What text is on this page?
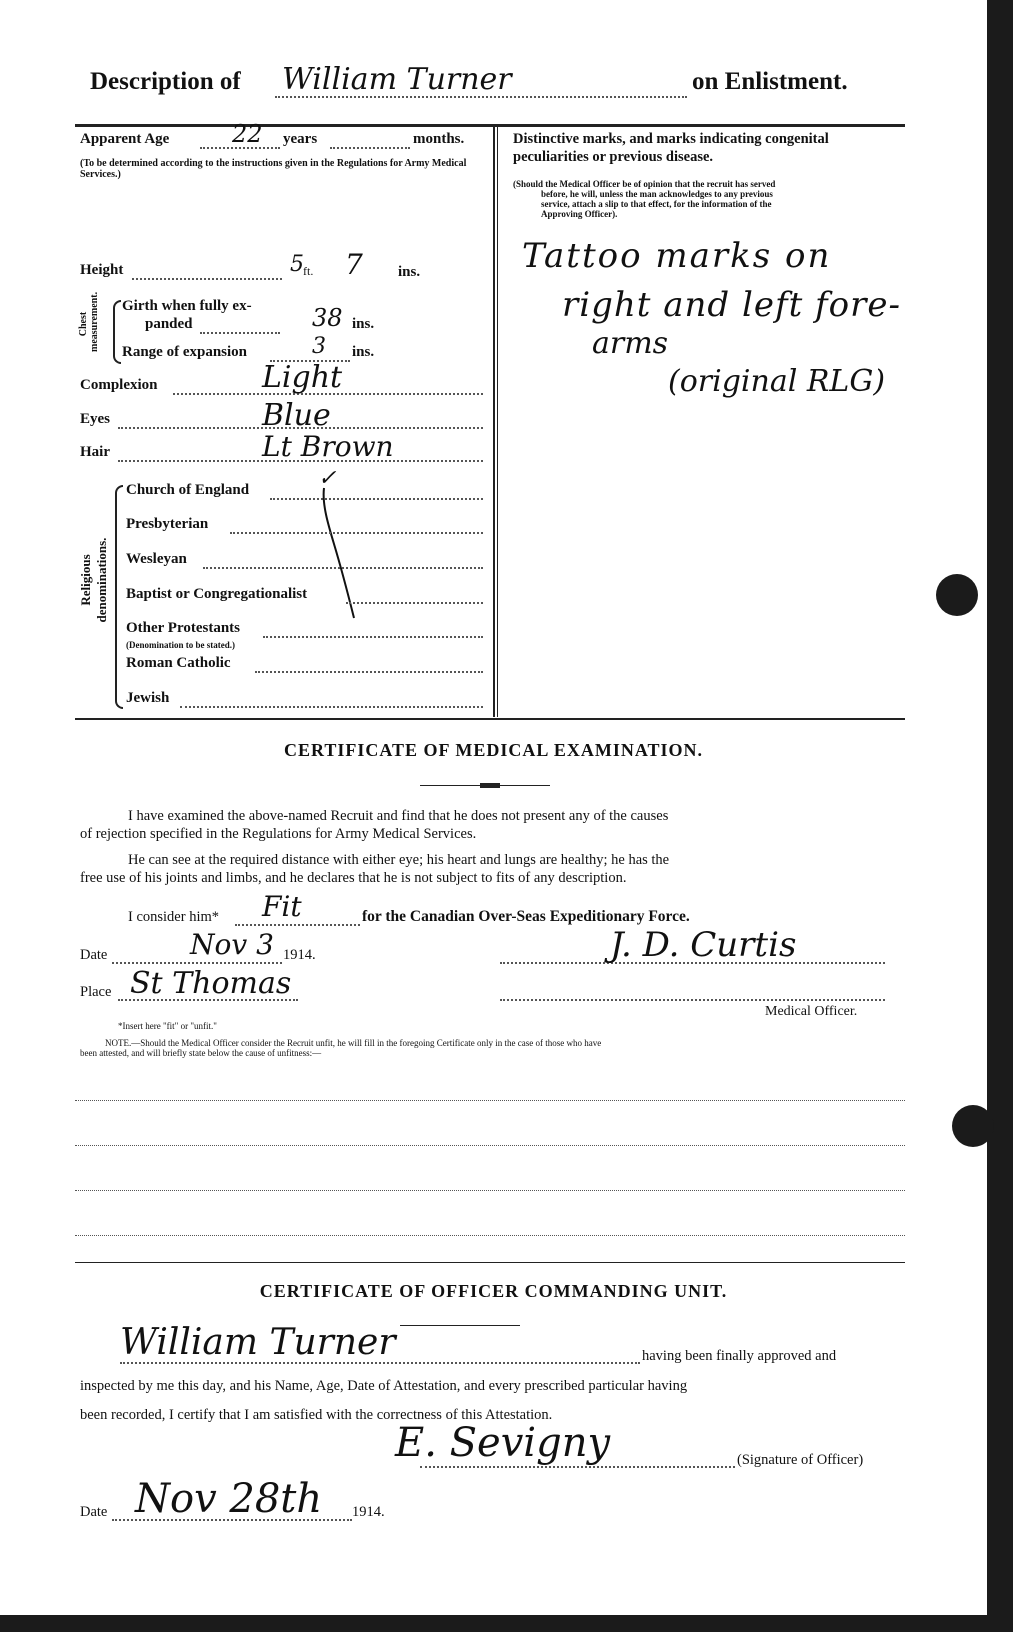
Description of William Turner	on Enlistment.
Apparent Age	22 years	months.
(To be determined according to the instructions given in the Regulations for Army Medical Services.)
Height	5 ft. 7 ins.
Chest measurement. Girth when fully ex-
panded	38 ins.
Range of expansion	3 ins.
Complexion	Light
Eyes	Blue
Hair	Lt Brown
Religious
denominations.
Church of England	✓
Presbyterian
Wesleyan
Baptist or Congregationalist
Other Protestants
(Denomination to be stated.)
Roman Catholic
Jewish
Distinctive marks, and marks indicating congenital
peculiarities or previous disease.
(Should the Medical Officer be of opinion that the recruit has served
before, he will, unless the man acknowledges to any previous
service, attach a slip to that effect, for the information of the
Approving Officer).
Tattoo marks on
right and left fore-
arms
(original RLG)
CERTIFICATE OF MEDICAL EXAMINATION.
I have examined the above-named Recruit and find that he does not present any of the causes
of rejection specified in the Regulations for Army Medical Services.
He can see at the required distance with either eye; his heart and lungs are healthy; he has the
free use of his joints and limbs, and he declares that he is not subject to fits of any description.
I consider him* Fit	for the Canadian Over-Seas Expeditionary Force.
Date	Nov 3 1914.	J. D. Curtis
Place St Thomas
Medical Officer.
*Insert here "fit" or "unfit."
NOTE.—Should the Medical Officer consider the Recruit unfit, he will fill in the foregoing Certificate only in the case of those who have
been attested, and will briefly state below the cause of unfitness:—
CERTIFICATE OF OFFICER COMMANDING UNIT.
William Turner	having been finally approved and
inspected by me this day, and his Name, Age, Date of Attestation, and every prescribed particular having
been recorded, I certify that I am satisfied with the correctness of this Attestation.
E. Sevigny	(Signature of Officer)
Date Nov 28th 1914.
